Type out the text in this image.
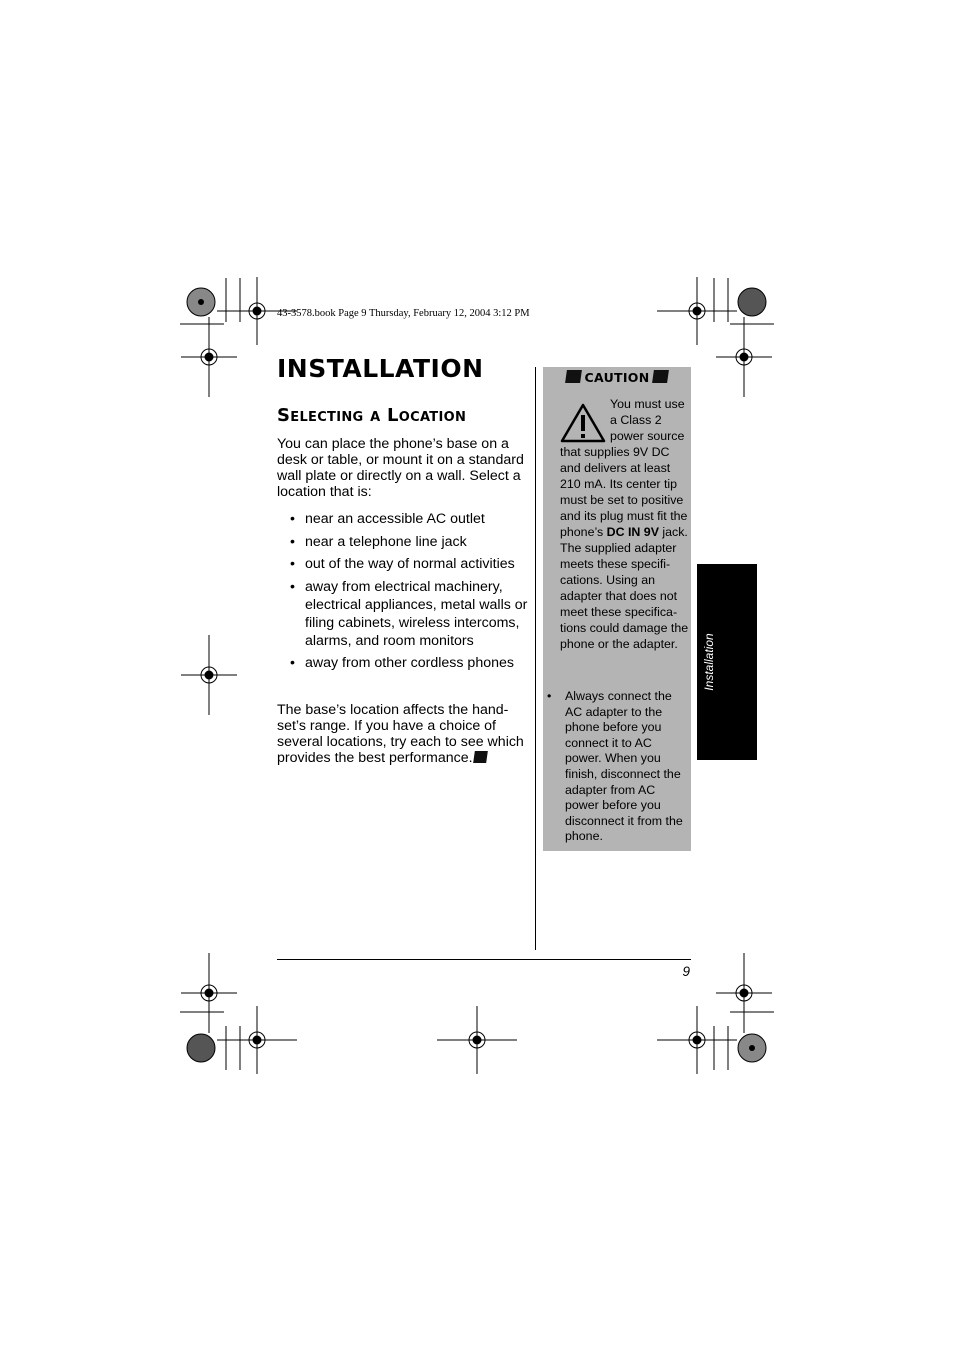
43-3578.book Page 9 Thursday, February 12, 2004 3:12 PM
INSTALLATION
Selecting a Location

You can place the phone’s base on a desk or table, or mount it on a standard wall plate or directly on a wall. Select a location that is:

• near an accessible AC outlet
• near a telephone line jack
• out of the way of normal activities
• away from electrical machinery, electrical appliances, metal walls or filing cabinets, wireless intercoms, alarms, and room monitors
• away from other cordless phones

The base’s location affects the hand-set’s range. If you have a choice of several locations, try each to see which provides the best performance.

CAUTION
You must use a Class 2 power source that supplies 9V DC and delivers at least 210 mA. Its center tip must be set to positive and its plug must fit the phone’s DC IN 9V jack. The supplied adapter meets these specifi-cations. Using an adapter that does not meet these specifica-tions could damage the phone or the adapter.
• Always connect the AC adapter to the phone before you connect it to AC power. When you finish, disconnect the adapter from AC power before you disconnect it from the phone.
Installation
9
